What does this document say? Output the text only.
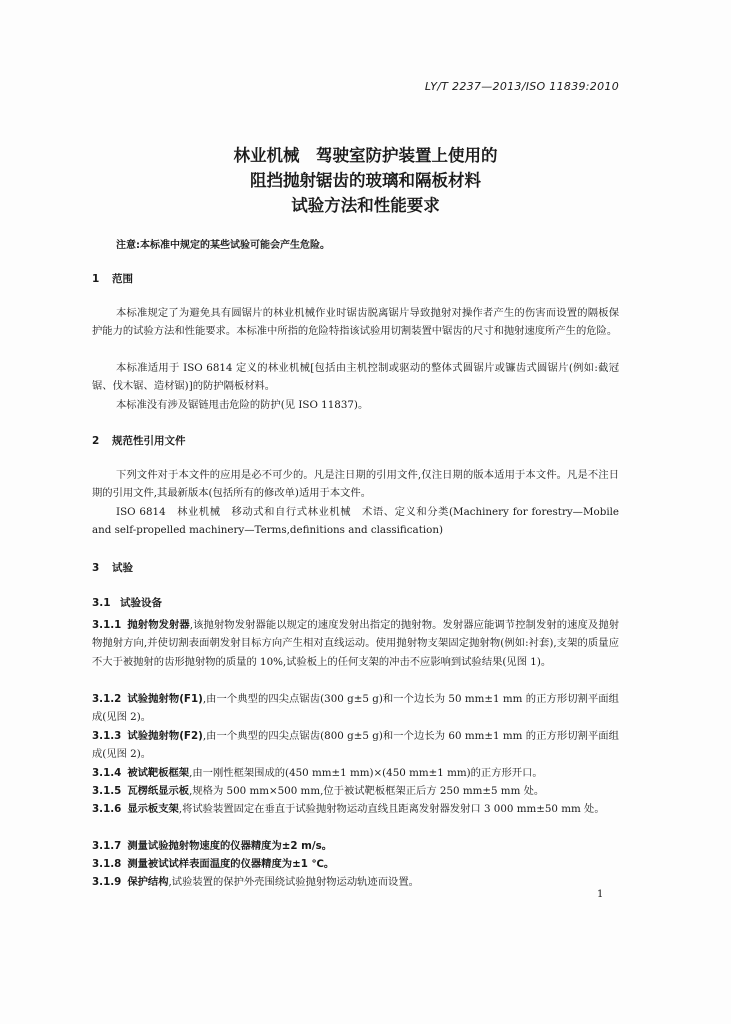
LY/T 2237—2013/ISO 11839:2010
林业机械　驾驶室防护装置上使用的
阻挡抛射锯齿的玻璃和隔板材料
试验方法和性能要求
注意:本标准中规定的某些试验可能会产生危险。
1 范围

本标准规定了为避免具有圆锯片的林业机械作业时锯齿脱离锯片导致抛射对操作者产生的伤害而设置的隔板保护能力的试验方法和性能要求。本标准中所指的危险特指该试验用切割装置中锯齿的尺寸和抛射速度所产生的危险。

本标准适用于 ISO 6814 定义的林业机械[包括由主机控制或驱动的整体式圆锯片或镰齿式圆锯片(例如:截冠锯、伐木锯、造材锯)]的防护隔板材料。

本标准没有涉及锯链甩击危险的防护(见 ISO 11837)。

2 规范性引用文件

下列文件对于本文件的应用是必不可少的。凡是注日期的引用文件,仅注日期的版本适用于本文件。凡是不注日期的引用文件,其最新版本(包括所有的修改单)适用于本文件。

ISO 6814　林业机械　移动式和自行式林业机械　术语、定义和分类(Machinery for forestry—Mobile and self-propelled machinery—Terms,definitions and classification)

3 试验
3.1 试验设备

3.1.1 抛射物发射器,该抛射物发射器能以规定的速度发射出指定的抛射物。发射器应能调节控制发射的速度及抛射物抛射方向,并使切割表面朝发射目标方向产生相对直线运动。使用抛射物支架固定抛射物(例如:衬套),支架的质量应不大于被抛射的齿形抛射物的质量的 10%,试验板上的任何支架的冲击不应影响到试验结果(见图 1)。

3.1.2 试验抛射物(F1),由一个典型的四尖点锯齿(300 g±5 g)和一个边长为 50 mm±1 mm 的正方形切割平面组成(见图 2)。

3.1.3 试验抛射物(F2),由一个典型的四尖点锯齿(800 g±5 g)和一个边长为 60 mm±1 mm 的正方形切割平面组成(见图 2)。

3.1.4 被试靶板框架,由一刚性框架围成的(450 mm±1 mm)×(450 mm±1 mm)的正方形开口。

3.1.5 瓦楞纸显示板,规格为 500 mm×500 mm,位于被试靶板框架正后方 250 mm±5 mm 处。

3.1.6 显示板支架,将试验装置固定在垂直于试验抛射物运动直线且距离发射器发射口 3 000 mm±50 mm 处。

3.1.7 测量试验抛射物速度的仪器精度为±2 m/s。

3.1.8 测量被试试样表面温度的仪器精度为±1 ℃。

3.1.9 保护结构,试验装置的保护外壳围绕试验抛射物运动轨迹而设置。

1
